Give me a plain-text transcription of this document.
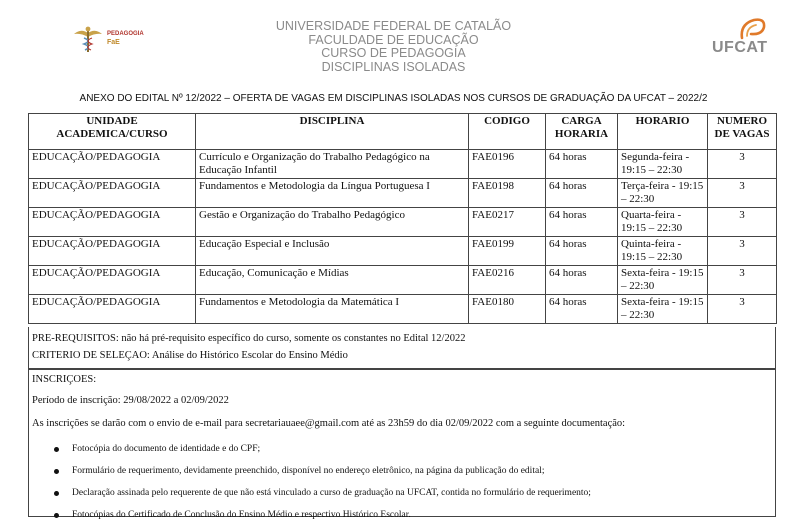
PEDAGOGIA
FaE
UNIVERSIDADE FEDERAL DE CATALÃO
FACULDADE DE EDUCAÇÃO
CURSO DE PEDAGOGIA
DISCIPLINAS ISOLADAS
UFCAT
ANEXO DO EDITAL Nº 12/2022 – OFERTA DE VAGAS EM DISCIPLINAS ISOLADAS NOS CURSOS DE GRADUAÇÃO DA UFCAT – 2022/2
UNIDADE ACADEMICA/CURSO	DISCIPLINA	CODIGO	CARGA HORARIA	HORARIO	NUMERO DE VAGAS
EDUCAÇÃO/PEDAGOGIA	Currículo e Organização do Trabalho Pedagógico na Educação Infantil	FAE0196	64 horas	Segunda-feira - 19:15 – 22:30	3
EDUCAÇÃO/PEDAGOGIA	Fundamentos e Metodologia da Língua Portuguesa I	FAE0198	64 horas	Terça-feira - 19:15 – 22:30	3
EDUCAÇÃO/PEDAGOGIA	Gestão e Organização do Trabalho Pedagógico	FAE0217	64 horas	Quarta-feira - 19:15 – 22:30	3
EDUCAÇÃO/PEDAGOGIA	Educação Especial e Inclusão	FAE0199	64 horas	Quinta-feira - 19:15 – 22:30	3
EDUCAÇÃO/PEDAGOGIA	Educação, Comunicação e Mídias	FAE0216	64 horas	Sexta-feira - 19:15 – 22:30	3
EDUCAÇÃO/PEDAGOGIA	Fundamentos e Metodologia da Matemática I	FAE0180	64 horas	Sexta-feira - 19:15 – 22:30	3
PRE-REQUISITOS: não há pré-requisito específico do curso, somente os constantes no Edital 12/2022
CRITERIO DE SELEÇAO: Análise do Histórico Escolar do Ensino Médio
INSCRIÇOES:
Período de inscrição: 29/08/2022 a 02/09/2022
As inscrições se darão com o envio de e-mail para secretariauaee@gmail.com até as 23h59 do dia 02/09/2022 com a seguinte documentação:
Fotocópia do documento de identidade e do CPF;
Formulário de requerimento, devidamente preenchido, disponível no endereço eletrônico, na página da publicação do edital;
Declaração assinada pelo requerente de que não está vinculado a curso de graduação na UFCAT, contida no formulário de requerimento;
Fotocópias do Certificado de Conclusão do Ensino Médio e respectivo Histórico Escolar.
